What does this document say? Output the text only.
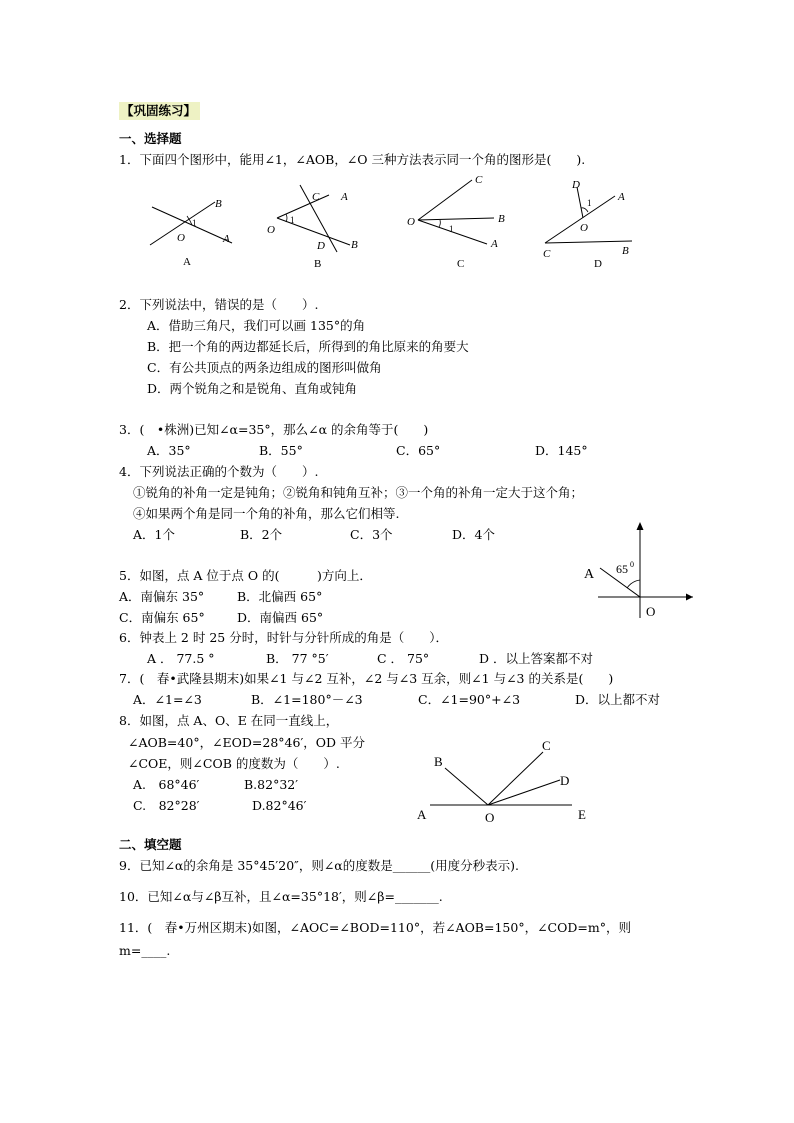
【巩固练习】
一、选择题
1．下面四个图形中，能用∠1，∠AOB，∠O 三种方法表示同一个角的图形是(　　).
B
1
O	A
A
C A
1
O
D B
B
C
O
1
B
A
C
D
1 A
O
C	B
D
2．下列说法中，错误的是（　　）.
A．借助三角尺，我们可以画 135°的角
B．把一个角的两边都延长后，所得到的角比原来的角要大
C．有公共顶点的两条边组成的图形叫做角
D．两个锐角之和是锐角、直角或钝角
3．(　•株洲)已知∠α=35°，那么∠α 的余角等于(　　)
A．35°	B．55°	C．65°	D．145°
4．下列说法正确的个数为（　　）.
①锐角的补角一定是钝角；②锐角和钝角互补；③一个角的补角一定大于这个角；
④如果两个角是同一个角的补角，那么它们相等.
A．1个	B．2个	C．3个	D．4个
5．如图，点 A 位于点 O 的(　　　)方向上．
A．南偏东 35°	B．北偏西 65°
C．南偏东 65°	D．南偏西 65°
A 65 0
O
6．钟表上 2 时 25 分时，时针与分针所成的角是（　　）．
A ． 77.5 °	B． 77 °5′	C ． 75°	D ．以上答案都不对
7．(　春•武隆县期末)如果∠1 与∠2 互补，∠2 与∠3 互余，则∠1 与∠3 的关系是(　　)
A．∠1=∠3	B．∠1=180°－∠3	C．∠1=90°+∠3	D．以上都不对
8．如图，点 A、O、E 在同一直线上，
∠AOB=40°，∠EOD=28°46′，OD 平分
∠COE，则∠COB 的度数为（　　）.
A.　68°46′	B.82°32′
C.　82°28′	D.82°46′
B
C
D
A	O	E
二、填空题
9．已知∠α的余角是 35°45′20″，则∠α的度数是______(用度分秒表示).
10．已知∠α与∠β互补，且∠α=35°18′，则∠β=_______.
11．(　春•万州区期末)如图，∠AOC=∠BOD=110°，若∠AOB=150°，∠COD=m°，则
m=____.
